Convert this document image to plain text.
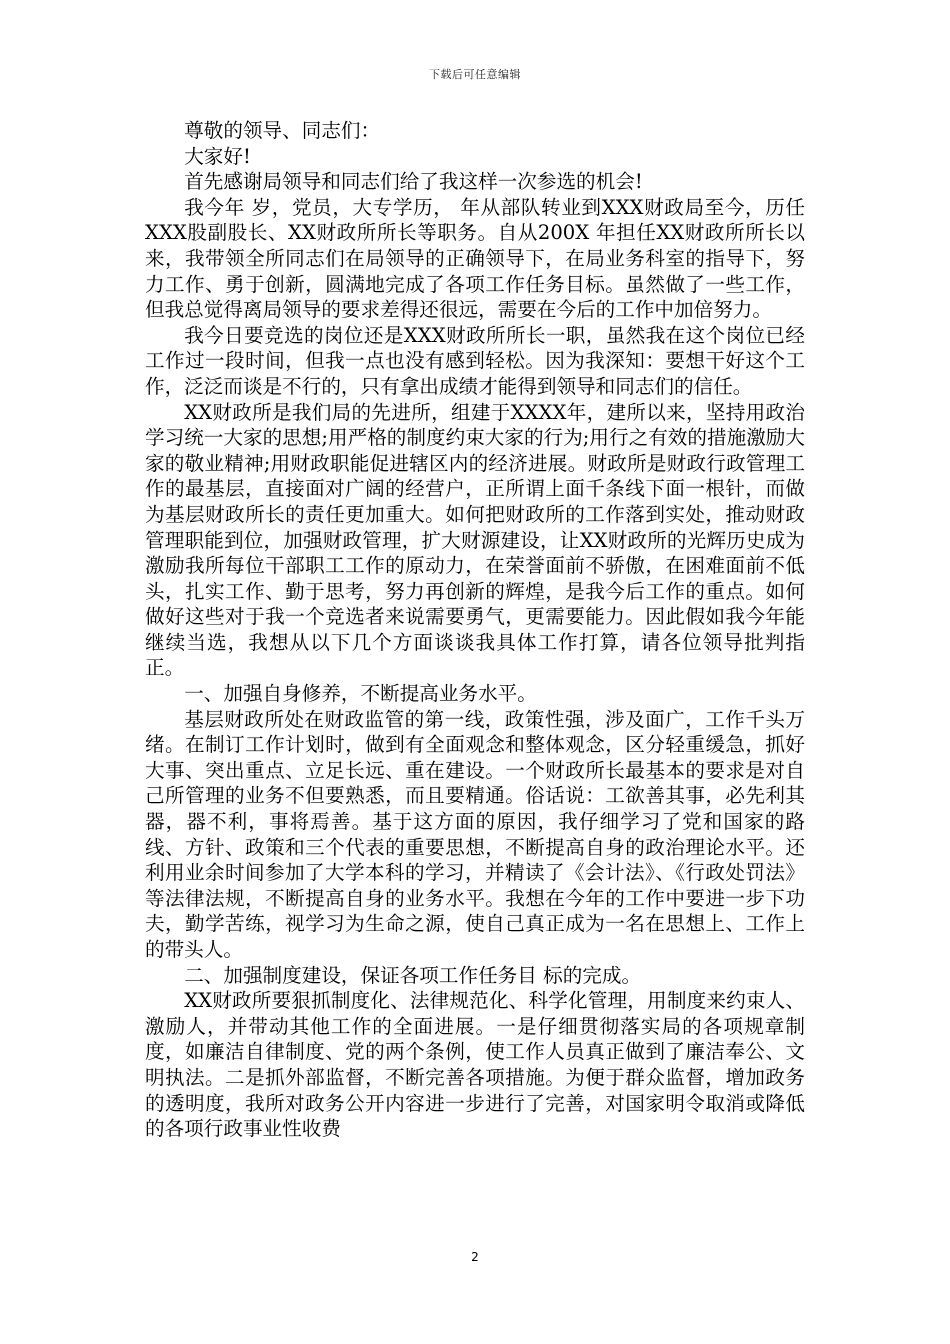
下载后可任意编辑

尊敬的领导、同志们：

大家好!

首先感谢局领导和同志们给了我这样一次参选的机会!

我今年 岁，党员，大专学历， 年从部队转业到XXX财政局至今，历任XXX股副股长、XX财政所所长等职务。自从200X 年担任XX财政所所长以来，我带领全所同志们在局领导的正确领导下，在局业务科室的指导下，努力工作、勇于创新，圆满地完成了各项工作任务目标。虽然做了一些工作，但我总觉得离局领导的要求差得还很远，需要在今后的工作中加倍努力。

我今日要竞选的岗位还是XXX财政所所长一职，虽然我在这个岗位已经工作过一段时间，但我一点也没有感到轻松。因为我深知：要想干好这个工作，泛泛而谈是不行的，只有拿出成绩才能得到领导和同志们的信任。

XX财政所是我们局的先进所，组建于XXXX年，建所以来，坚持用政治学习统一大家的思想;用严格的制度约束大家的行为;用行之有效的措施激励大家的敬业精神;用财政职能促进辖区内的经济进展。财政所是财政行政管理工作的最基层，直接面对广阔的经营户，正所谓上面千条线下面一根针，而做为基层财政所长的责任更加重大。如何把财政所的工作落到实处，推动财政管理职能到位，加强财政管理，扩大财源建设，让XX财政所的光辉历史成为激励我所每位干部职工工作的原动力，在荣誉面前不骄傲，在困难面前不低头，扎实工作、勤于思考，努力再创新的辉煌，是我今后工作的重点。如何做好这些对于我一个竞选者来说需要勇气，更需要能力。因此假如我今年能继续当选，我想从以下几个方面谈谈我具体工作打算，请各位领导批判指正。

一、加强自身修养，不断提高业务水平。

基层财政所处在财政监管的第一线，政策性强，涉及面广，工作千头万绪。在制订工作计划时，做到有全面观念和整体观念，区分轻重缓急，抓好大事、突出重点、立足长远、重在建设。一个财政所长最基本的要求是对自己所管理的业务不但要熟悉，而且要精通。俗话说：工欲善其事，必先利其器，器不利，事将焉善。基于这方面的原因，我仔细学习了党和国家的路线、方针、政策和三个代表的重要思想，不断提高自身的政治理论水平。还利用业余时间参加了大学本科的学习，并精读了《会计法》、《行政处罚法》等法律法规，不断提高自身的业务水平。我想在今年的工作中要进一步下功夫，勤学苦练，视学习为生命之源，使自己真正成为一名在思想上、工作上的带头人。

二、加强制度建设，保证各项工作任务目 标的完成。

XX财政所要狠抓制度化、法律规范化、科学化管理，用制度来约束人、激励人，并带动其他工作的全面进展。一是仔细贯彻落实局的各项规章制度，如廉洁自律制度、党的两个条例，使工作人员真正做到了廉洁奉公、文明执法。二是抓外部监督，不断完善各项措施。为便于群众监督，增加政务的透明度，我所对政务公开内容进一步进行了完善，对国家明令取消或降低的各项行政事业性收费

2
